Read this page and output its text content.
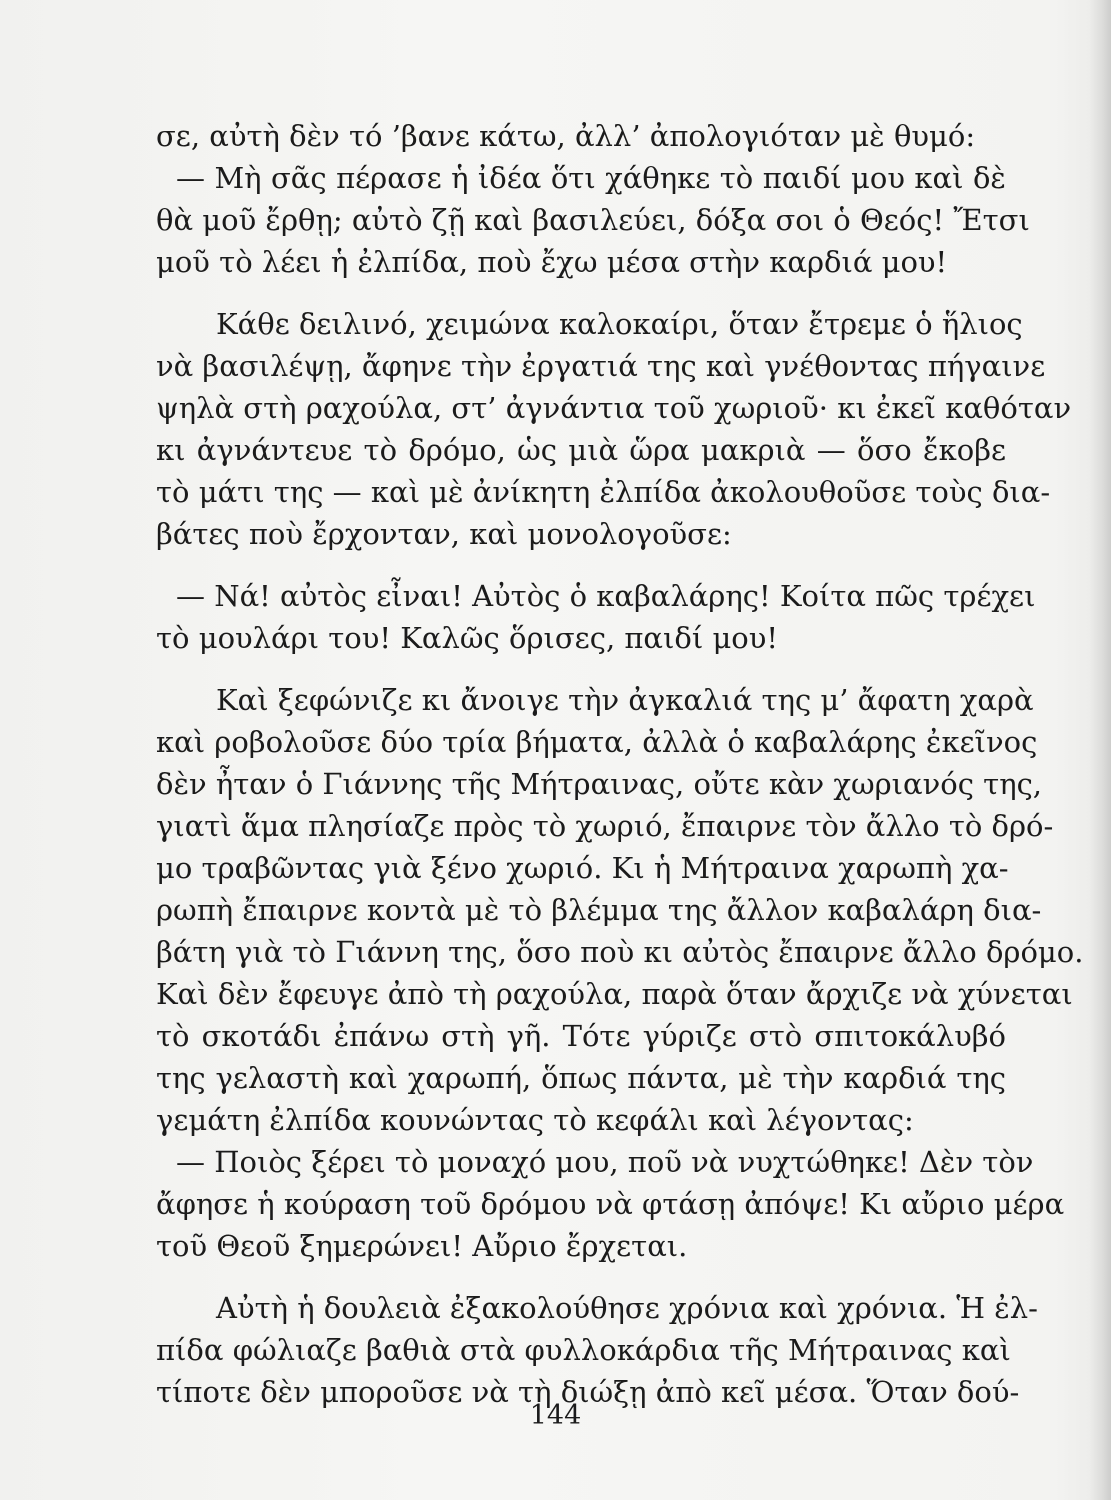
σε, αὐτὴ δὲν τό ’βανε κάτω, ἀλλ’ ἀπολογιόταν μὲ θυμό:
— Μὴ σᾶς πέρασε ἡ ἰδέα ὅτι χάθηκε τὸ παιδί μου καὶ δὲ
θὰ μοῦ ἔρθῃ; αὐτὸ ζῇ καὶ βασιλεύει, δόξα σοι ὁ Θεός! Ἔτσι
μοῦ τὸ λέει ἡ ἐλπίδα, ποὺ ἔχω μέσα στὴν καρδιά μου!
Κάθε δειλινό, χειμώνα καλοκαίρι, ὅταν ἔτρεμε ὁ ἥλιος
νὰ βασιλέψῃ, ἄφηνε τὴν ἐργατιά της καὶ γνέθοντας πήγαινε
ψηλὰ στὴ ραχούλα, στ’ ἀγνάντια τοῦ χωριοῦ· κι ἐκεῖ καθόταν
κι ἀγνάντευε τὸ δρόμο, ὡς μιὰ ὥρα μακριὰ — ὅσο ἔκοβε
τὸ μάτι της — καὶ μὲ ἀνίκητη ἐλπίδα ἀκολουθοῦσε τοὺς δια-
βάτες ποὺ ἔρχονταν, καὶ μονολογοῦσε:
— Νά! αὐτὸς εἶναι! Αὐτὸς ὁ καβαλάρης! Κοίτα πῶς τρέχει
τὸ μουλάρι του! Καλῶς ὅρισες, παιδί μου!
Καὶ ξεφώνιζε κι ἄνοιγε τὴν ἀγκαλιά της μ’ ἄφατη χαρὰ
καὶ ροβολοῦσε δύο τρία βήματα, ἀλλὰ ὁ καβαλάρης ἐκεῖνος
δὲν ἦταν ὁ Γιάννης τῆς Μήτραινας, οὔτε κὰν χωριανός της,
γιατὶ ἅμα πλησίαζε πρὸς τὸ χωριό, ἔπαιρνε τὸν ἄλλο τὸ δρό-
μο τραβῶντας γιὰ ξένο χωριό. Κι ἡ Μήτραινα χαρωπὴ χα-
ρωπὴ ἔπαιρνε κοντὰ μὲ τὸ βλέμμα της ἄλλον καβαλάρη δια-
βάτη γιὰ τὸ Γιάννη της, ὅσο ποὺ κι αὐτὸς ἔπαιρνε ἄλλο δρόμο.
Καὶ δὲν ἔφευγε ἀπὸ τὴ ραχούλα, παρὰ ὅταν ἄρχιζε νὰ χύνεται
τὸ σκοτάδι ἐπάνω στὴ γῆ. Τότε γύριζε στὸ σπιτοκάλυβό
της γελαστὴ καὶ χαρωπή, ὅπως πάντα, μὲ τὴν καρδιά της
γεμάτη ἐλπίδα κουνώντας τὸ κεφάλι καὶ λέγοντας:
— Ποιὸς ξέρει τὸ μοναχό μου, ποῦ νὰ νυχτώθηκε! Δὲν τὸν
ἄφησε ἡ κούραση τοῦ δρόμου νὰ φτάσῃ ἀπόψε! Κι αὔριο μέρα
τοῦ Θεοῦ ξημερώνει! Αὔριο ἔρχεται.
Αὐτὴ ἡ δουλειὰ ἐξακολούθησε χρόνια καὶ χρόνια. Ἡ ἐλ-
πίδα φώλιαζε βαθιὰ στὰ φυλλοκάρδια τῆς Μήτραινας καὶ
τίποτε δὲν μποροῦσε νὰ τὴ διώξῃ ἀπὸ κεῖ μέσα. Ὅταν δού-
144
